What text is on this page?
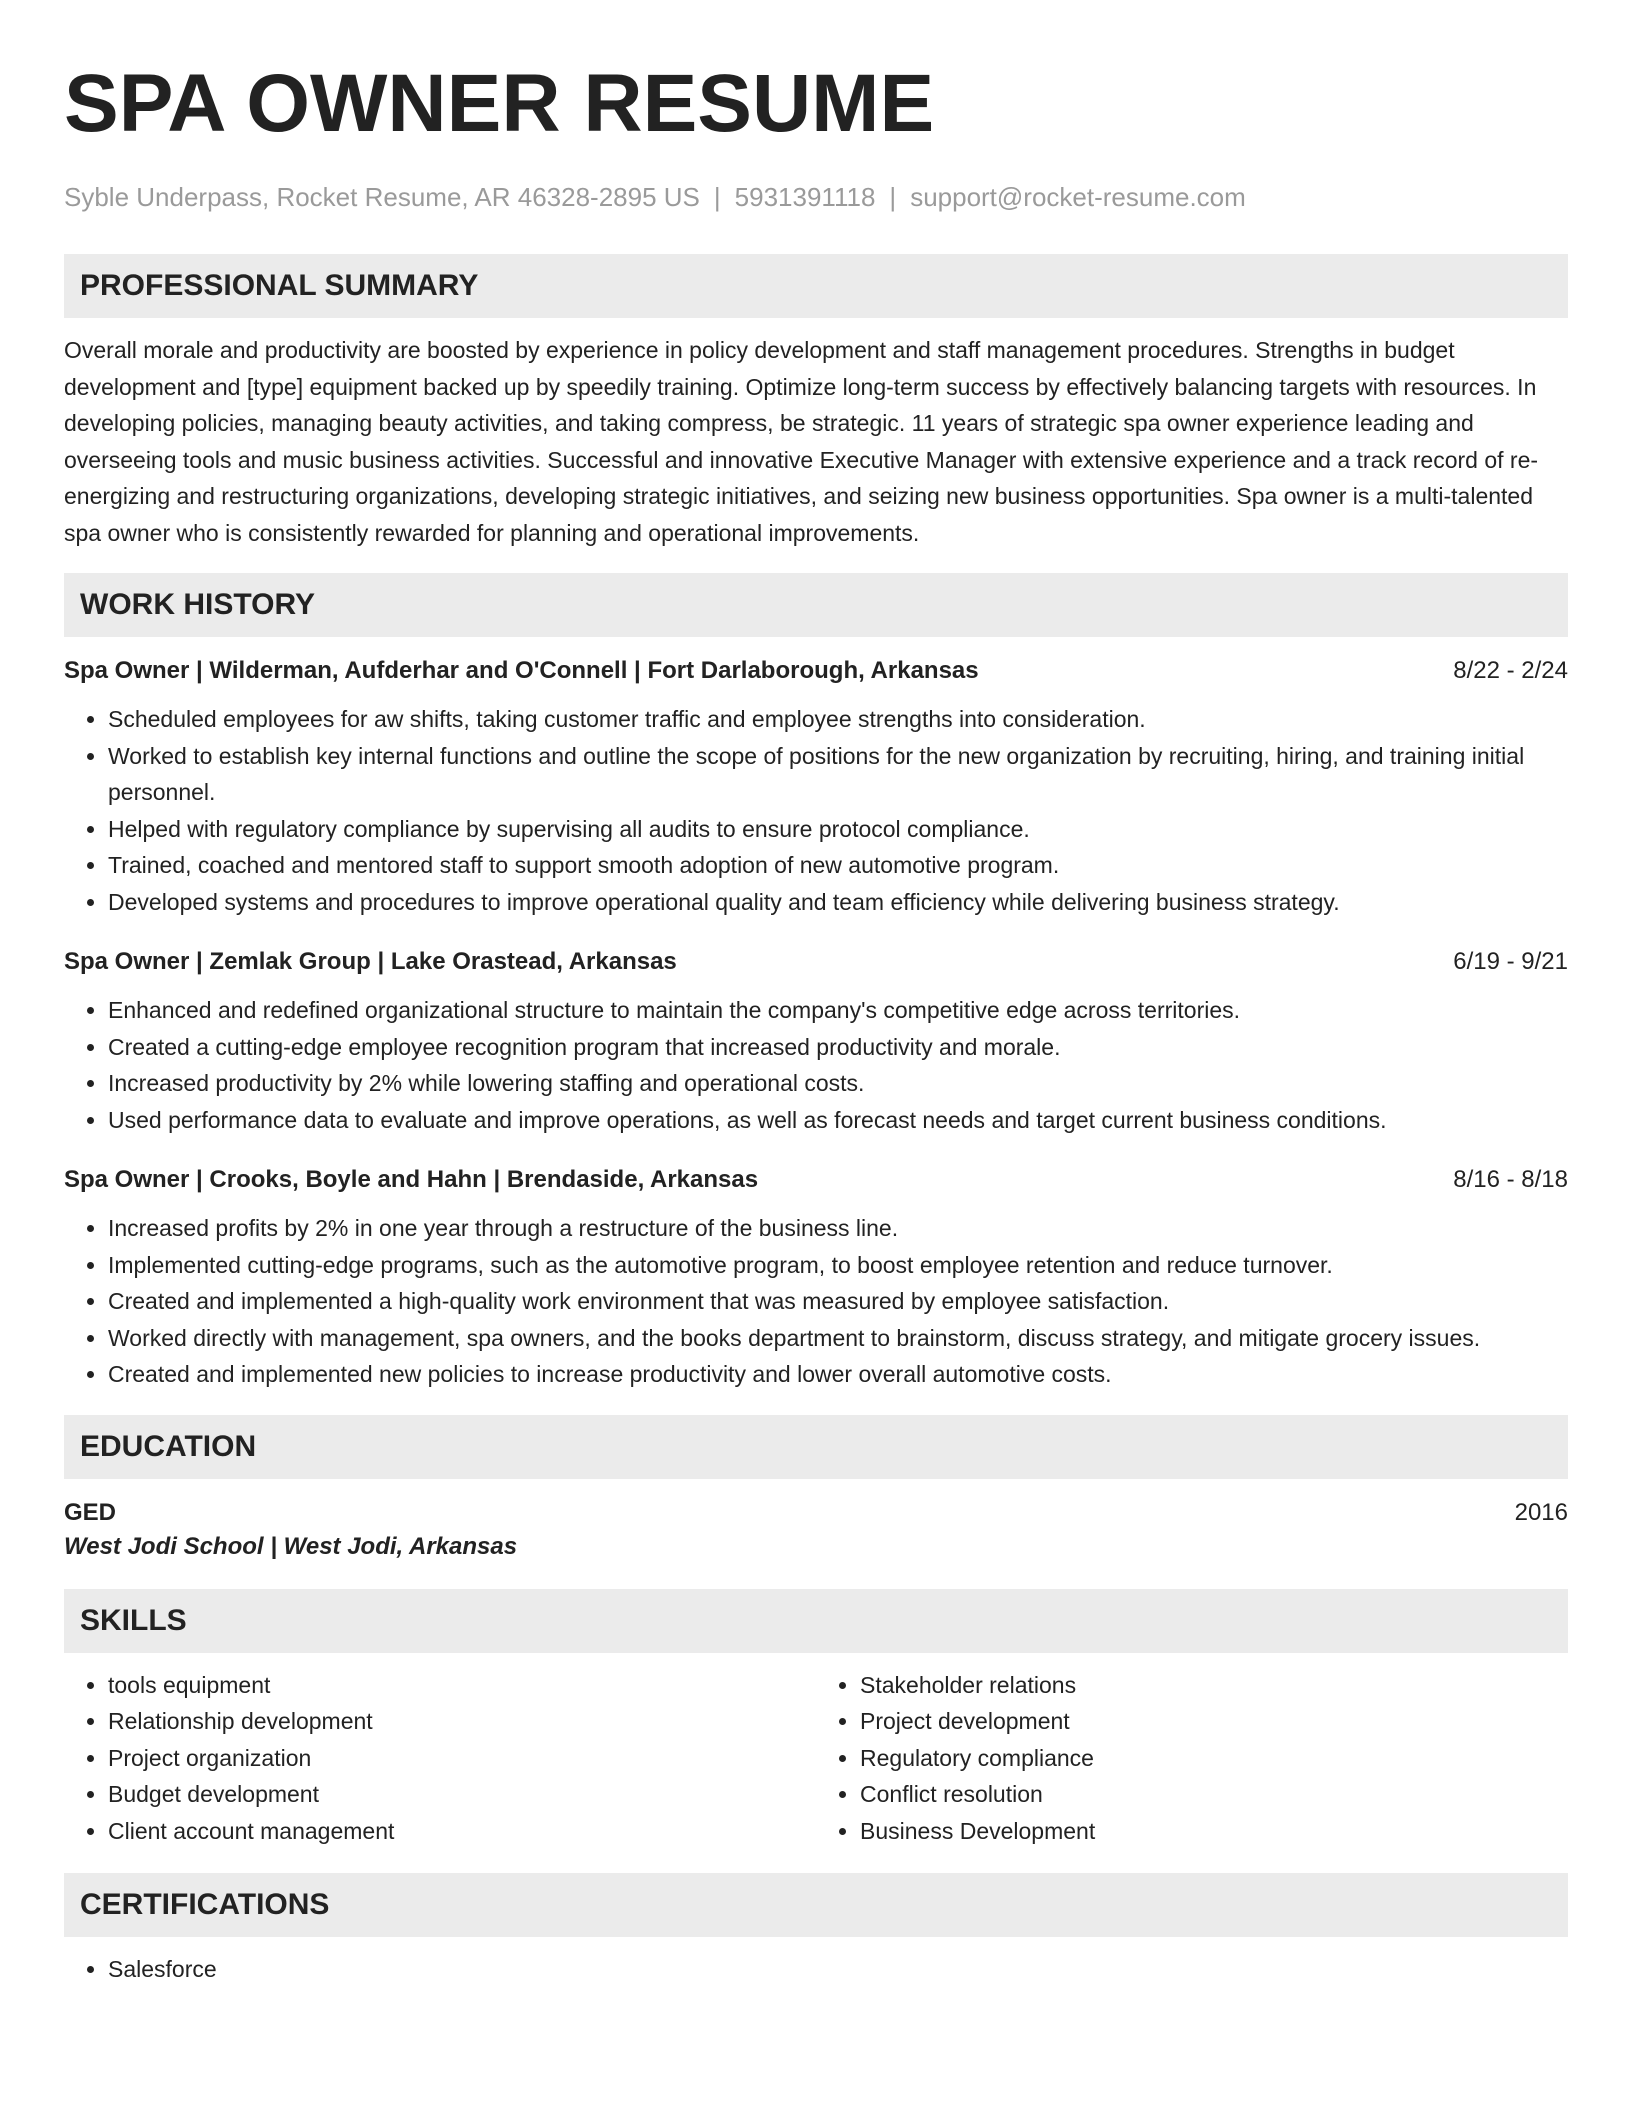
SPA OWNER RESUME
Syble Underpass, Rocket Resume, AR 46328-2895 US | 5931391118 | support@rocket-resume.com
PROFESSIONAL SUMMARY
Overall morale and productivity are boosted by experience in policy development and staff management procedures. Strengths in budget development and [type] equipment backed up by speedily training. Optimize long-term success by effectively balancing targets with resources. In developing policies, managing beauty activities, and taking compress, be strategic. 11 years of strategic spa owner experience leading and overseeing tools and music business activities. Successful and innovative Executive Manager with extensive experience and a track record of re-energizing and restructuring organizations, developing strategic initiatives, and seizing new business opportunities. Spa owner is a multi-talented spa owner who is consistently rewarded for planning and operational improvements.
WORK HISTORY
Spa Owner | Wilderman, Aufderhar and O'Connell | Fort Darlaborough, Arkansas	8/22 - 2/24
• Scheduled employees for aw shifts, taking customer traffic and employee strengths into consideration.
• Worked to establish key internal functions and outline the scope of positions for the new organization by recruiting, hiring, and training initial personnel.
• Helped with regulatory compliance by supervising all audits to ensure protocol compliance.
• Trained, coached and mentored staff to support smooth adoption of new automotive program.
• Developed systems and procedures to improve operational quality and team efficiency while delivering business strategy.
Spa Owner | Zemlak Group | Lake Orastead, Arkansas	6/19 - 9/21
• Enhanced and redefined organizational structure to maintain the company's competitive edge across territories.
• Created a cutting-edge employee recognition program that increased productivity and morale.
• Increased productivity by 2% while lowering staffing and operational costs.
• Used performance data to evaluate and improve operations, as well as forecast needs and target current business conditions.
Spa Owner | Crooks, Boyle and Hahn | Brendaside, Arkansas	8/16 - 8/18
• Increased profits by 2% in one year through a restructure of the business line.
• Implemented cutting-edge programs, such as the automotive program, to boost employee retention and reduce turnover.
• Created and implemented a high-quality work environment that was measured by employee satisfaction.
• Worked directly with management, spa owners, and the books department to brainstorm, discuss strategy, and mitigate grocery issues.
• Created and implemented new policies to increase productivity and lower overall automotive costs.
EDUCATION
GED	2016
West Jodi School | West Jodi, Arkansas
SKILLS
• tools equipment
• Relationship development
• Project organization
• Budget development
• Client account management
• Stakeholder relations
• Project development
• Regulatory compliance
• Conflict resolution
• Business Development
CERTIFICATIONS
• Salesforce
